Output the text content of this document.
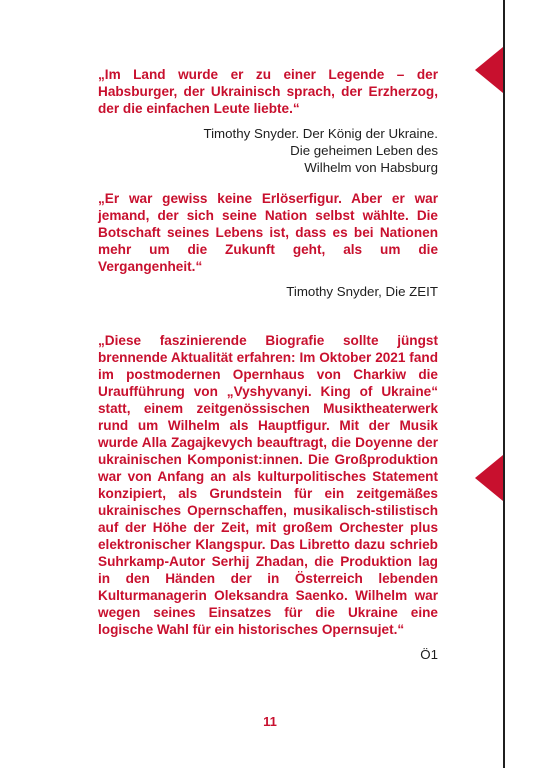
„Im Land wurde er zu einer Legende – der Habsburger, der Ukrainisch sprach, der Erzherzog, der die einfachen Leute liebte.“

Timothy Snyder. Der König der Ukraine.
Die geheimen Leben des
Wilhelm von Habsburg

„Er war gewiss keine Erlöserfigur. Aber er war jemand, der sich seine Nation selbst wählte. Die Botschaft seines Lebens ist, dass es bei Nationen mehr um die Zukunft geht, als um die Vergangenheit.“

Timothy Snyder, Die ZEIT

„Diese faszinierende Biografie sollte jüngst brennende Aktualität erfahren: Im Oktober 2021 fand im postmodernen Opernhaus von Charkiw die Uraufführung von „Vyshyvanyi. King of Ukraine“ statt, einem zeitgenössischen Musiktheaterwerk rund um Wilhelm als Hauptfigur. Mit der Musik wurde Alla Zagajkevych beauftragt, die Doyenne der ukrainischen Komponist:innen. Die Großproduktion war von Anfang an als kulturpolitisches Statement konzipiert, als Grundstein für ein zeitgemäßes ukrainisches Opernschaffen, musikalisch-stilistisch auf der Höhe der Zeit, mit großem Orchester plus elektronischer Klangspur. Das Libretto dazu schrieb Suhrkamp-Autor Serhij Zhadan, die Produktion lag in den Händen der in Österreich lebenden Kulturmanagerin Oleksandra Saenko. Wilhelm war wegen seines Einsatzes für die Ukraine eine logische Wahl für ein historisches Opernsujet.“

Ö1

11
